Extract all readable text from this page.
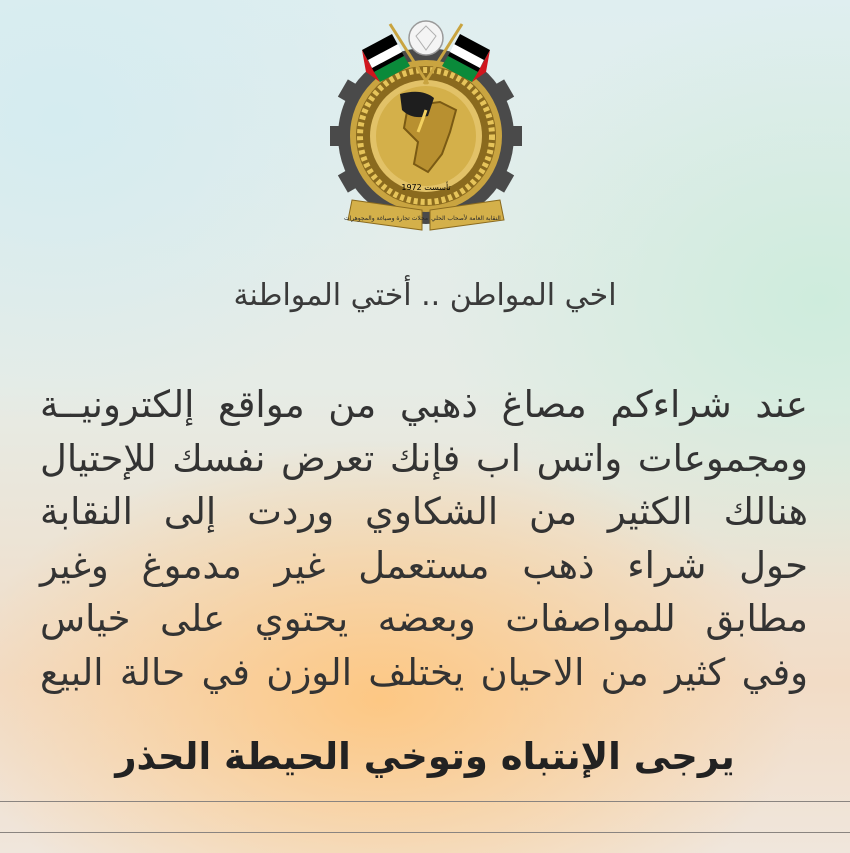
تأسست 1972
محلات تجارة وصياغة والمجوهرات النقابة العامة لأصحاب الحلي

اخي المواطن .. أختي المواطنة

عند شراءكم مصاغ ذهبي من مواقع إلكترونيــة
ومجموعات واتس اب فإنك تعرض نفسك للإحتيال
هنالك الكثير من الشكاوي وردت إلى النقابة
حول شراء ذهب مستعمل غير مدموغ وغير
مطابق للمواصفات وبعضه يحتوي على خياس
وفي كثير من الاحيان يختلف الوزن في حالة البيع

يرجى الإنتباه وتوخي الحيطة الحذر
